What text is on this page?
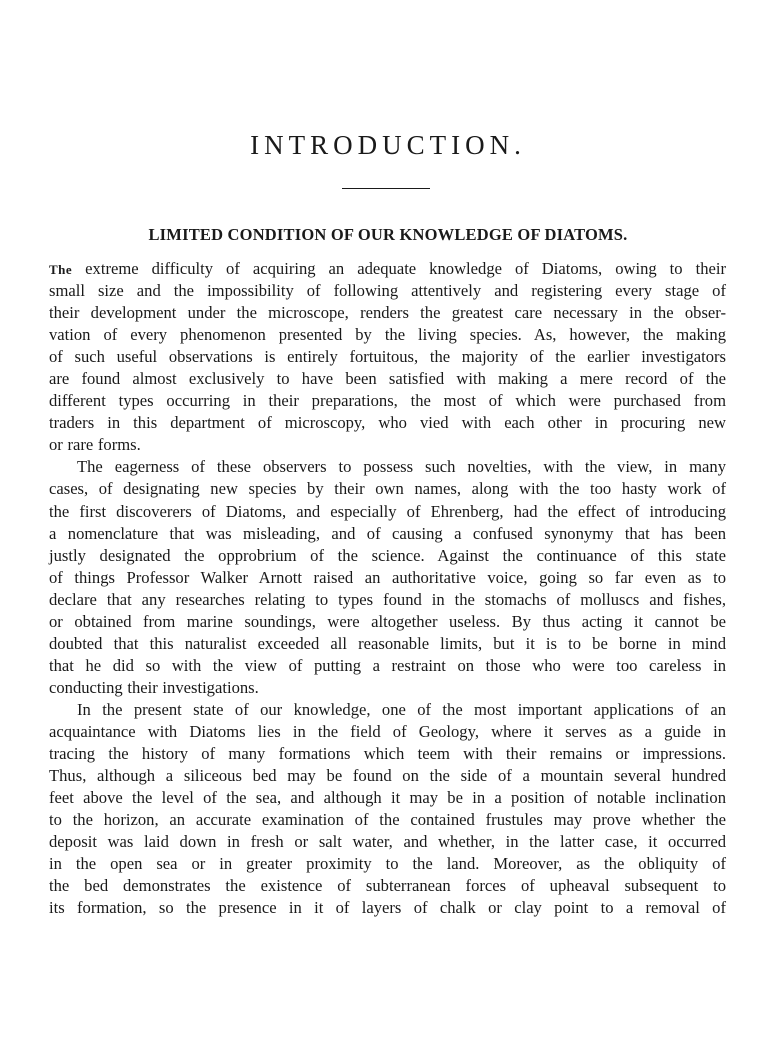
INTRODUCTION.
LIMITED CONDITION OF OUR KNOWLEDGE OF DIATOMS.
The extreme difficulty of acquiring an adequate knowledge of Diatoms, owing to their
small size and the impossibility of following attentively and registering every stage of
their development under the microscope, renders the greatest care necessary in the obser-
vation of every phenomenon presented by the living species. As, however, the making
of such useful observations is entirely fortuitous, the majority of the earlier investigators
are found almost exclusively to have been satisfied with making a mere record of the
different types occurring in their preparations, the most of which were purchased from
traders in this department of microscopy, who vied with each other in procuring new
or rare forms.
The eagerness of these observers to possess such novelties, with the view, in many
cases, of designating new species by their own names, along with the too hasty work of
the first discoverers of Diatoms, and especially of Ehrenberg, had the effect of introducing
a nomenclature that was misleading, and of causing a confused synonymy that has been
justly designated the opprobrium of the science. Against the continuance of this state
of things Professor Walker Arnott raised an authoritative voice, going so far even as to
declare that any researches relating to types found in the stomachs of molluscs and fishes,
or obtained from marine soundings, were altogether useless. By thus acting it cannot be
doubted that this naturalist exceeded all reasonable limits, but it is to be borne in mind
that he did so with the view of putting a restraint on those who were too careless in
conducting their investigations.
In the present state of our knowledge, one of the most important applications of an
acquaintance with Diatoms lies in the field of Geology, where it serves as a guide in
tracing the history of many formations which teem with their remains or impressions.
Thus, although a siliceous bed may be found on the side of a mountain several hundred
feet above the level of the sea, and although it may be in a position of notable inclination
to the horizon, an accurate examination of the contained frustules may prove whether the
deposit was laid down in fresh or salt water, and whether, in the latter case, it occurred
in the open sea or in greater proximity to the land. Moreover, as the obliquity of
the bed demonstrates the existence of subterranean forces of upheaval subsequent to
its formation, so the presence in it of layers of chalk or clay point to a removal of
